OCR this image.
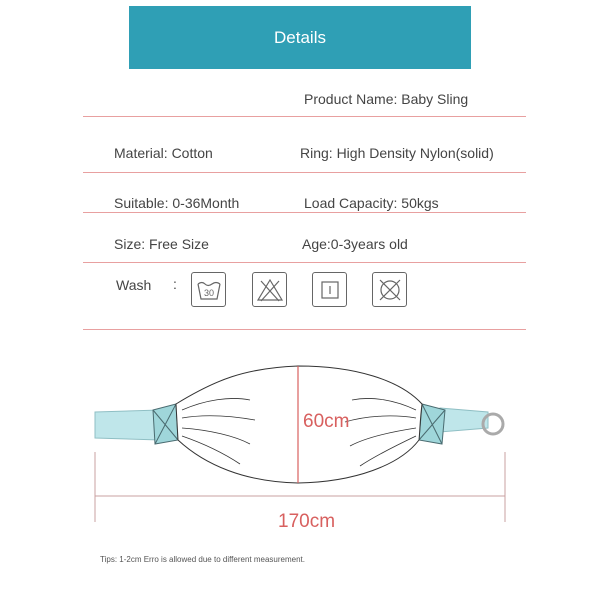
Details
Product Name: Baby Sling
Material: Cotton	Ring: High Density Nylon(solid)
Suitable: 0-36Month	Load Capacity: 50kgs
Size: Free Size	Age:0-3years old
Wash :
30
60cm
170cm
Tips: 1-2cm Erro is allowed due to different measurement.
